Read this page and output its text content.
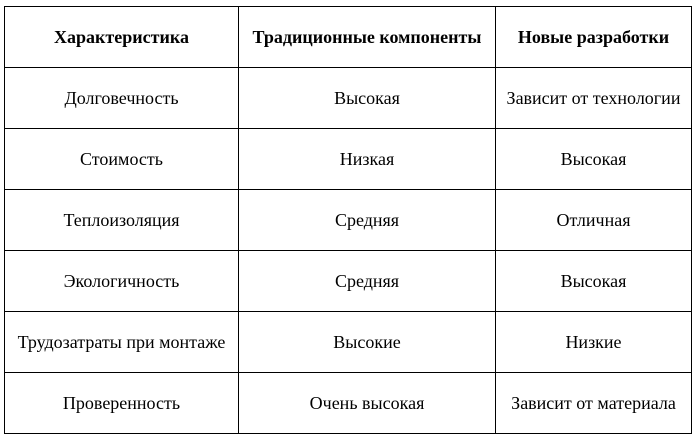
Характеристика	Традиционные компоненты	Новые разработки
Долговечность	Высокая	Зависит от технологии
Стоимость	Низкая	Высокая
Теплоизоляция	Средняя	Отличная
Экологичность	Средняя	Высокая
Трудозатраты при монтаже	Высокие	Низкие
Проверенность	Очень высокая	Зависит от материала
